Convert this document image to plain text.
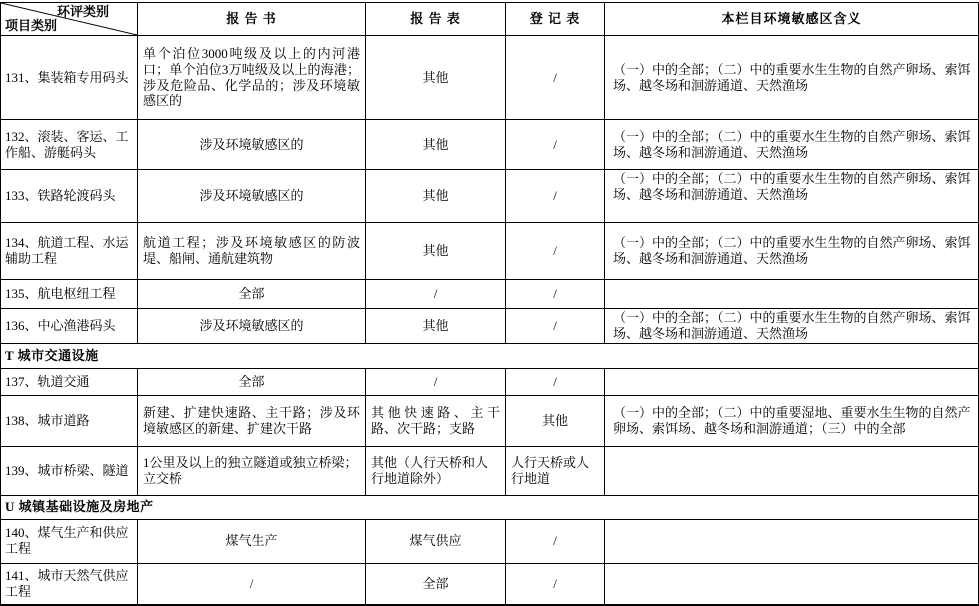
环评类别
项目类别	报 告 书	报 告 表	登 记 表	本栏目环境敏感区含义
131、集装箱专用码头	单个泊位3000吨级及以上的内河港口；单个泊位3万吨级及以上的海港；涉及危险品、化学品的；涉及环境敏感区的	其他	/	（一）中的全部；（二）中的重要水生生物的自然产卵场、索饵场、越冬场和洄游通道、天然渔场
132、滚装、客运、工作船、游艇码头	涉及环境敏感区的	其他	/	（一）中的全部；（二）中的重要水生生物的自然产卵场、索饵场、越冬场和洄游通道、天然渔场
133、铁路轮渡码头	涉及环境敏感区的	其他	/	（一）中的全部；（二）中的重要水生生物的自然产卵场、索饵场、越冬场和洄游通道、天然渔场
134、航道工程、水运辅助工程	航道工程；涉及环境敏感区的防波堤、船闸、通航建筑物	其他	/	（一）中的全部；（二）中的重要水生生物的自然产卵场、索饵场、越冬场和洄游通道、天然渔场
135、航电枢纽工程	全部	/	/	
136、中心渔港码头	涉及环境敏感区的	其他	/	（一）中的全部；（二）中的重要水生生物的自然产卵场、索饵场、越冬场和洄游通道、天然渔场
T 城市交通设施				
137、轨道交通	全部	/	/	
138、城市道路	新建、扩建快速路、主干路；涉及环境敏感区的新建、扩建次干路	其他快速路、主干路、次干路；支路	其他	（一）中的全部；（二）中的重要湿地、重要水生生物的自然产卵场、索饵场、越冬场和洄游通道；（三）中的全部
139、城市桥梁、隧道	1公里及以上的独立隧道或独立桥梁；立交桥	其他（人行天桥和人行地道除外）	人行天桥或人行地道	
U 城镇基础设施及房地产				
140、煤气生产和供应工程	煤气生产	煤气供应	/	
141、城市天然气供应工程	/	全部	/	
